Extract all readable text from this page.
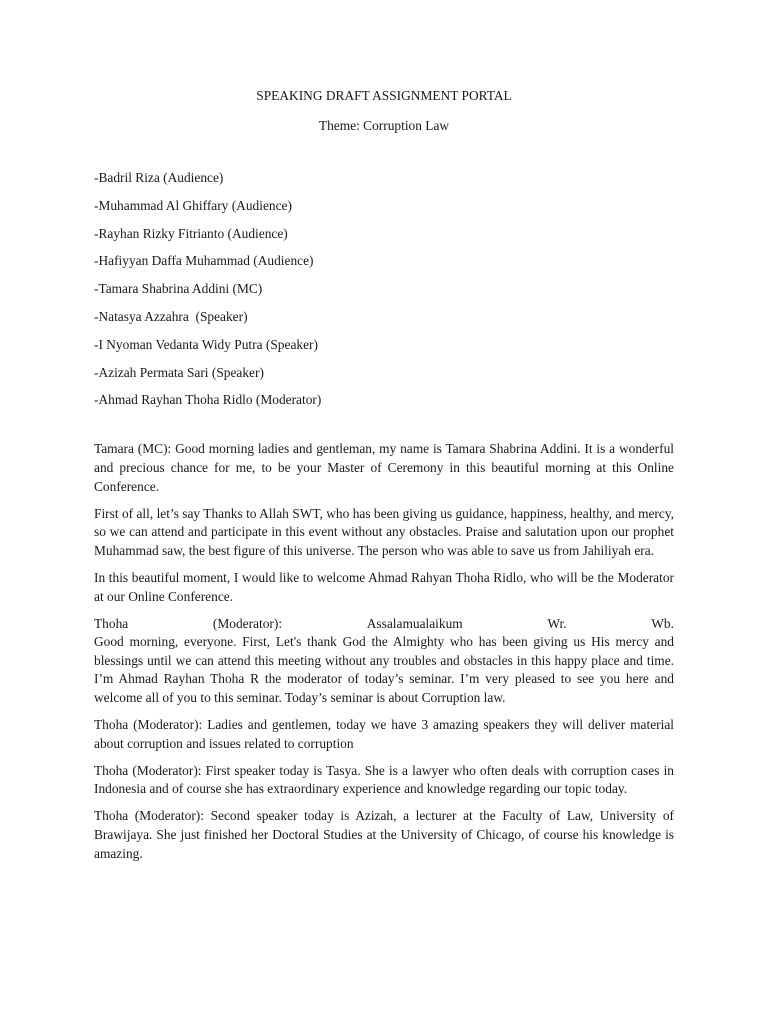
SPEAKING DRAFT ASSIGNMENT PORTAL

Theme: Corruption Law

-Badril Riza (Audience)
-Muhammad Al Ghiffary (Audience)
-Rayhan Rizky Fitrianto (Audience)
-Hafiyyan Daffa Muhammad (Audience)
-Tamara Shabrina Addini (MC)
-Natasya Azzahra  (Speaker)
-I Nyoman Vedanta Widy Putra (Speaker)
-Azizah Permata Sari (Speaker)
-Ahmad Rayhan Thoha Ridlo (Moderator)

Tamara (MC): Good morning ladies and gentleman, my name is Tamara Shabrina Addini. It is a wonderful and precious chance for me, to be your Master of Ceremony in this beautiful morning at this Online Conference.

First of all, let’s say Thanks to Allah SWT, who has been giving us guidance, happiness, healthy, and mercy, so we can attend and participate in this event without any obstacles. Praise and salutation upon our prophet Muhammad saw, the best figure of this universe. The person who was able to save us from Jahiliyah era.

In this beautiful moment, I would like to welcome Ahmad Rahyan Thoha Ridlo, who will be the Moderator at our Online Conference.

Thoha	(Moderator):	Assalamualaikum	Wr.	Wb.
Good morning, everyone. First, Let's thank God the Almighty who has been giving us His mercy and blessings until we can attend this meeting without any troubles and obstacles in this happy place and time. I’m Ahmad Rayhan Thoha R the moderator of today’s seminar. I’m very pleased to see you here and welcome all of you to this seminar. Today’s seminar is about Corruption law.

Thoha (Moderator): Ladies and gentlemen, today we have 3 amazing speakers they will deliver material about corruption and issues related to corruption

Thoha (Moderator): First speaker today is Tasya. She is a lawyer who often deals with corruption cases in Indonesia and of course she has extraordinary experience and knowledge regarding our topic today.

Thoha (Moderator): Second speaker today is Azizah, a lecturer at the Faculty of Law, University of Brawijaya. She just finished her Doctoral Studies at the University of Chicago, of course his knowledge is amazing.
